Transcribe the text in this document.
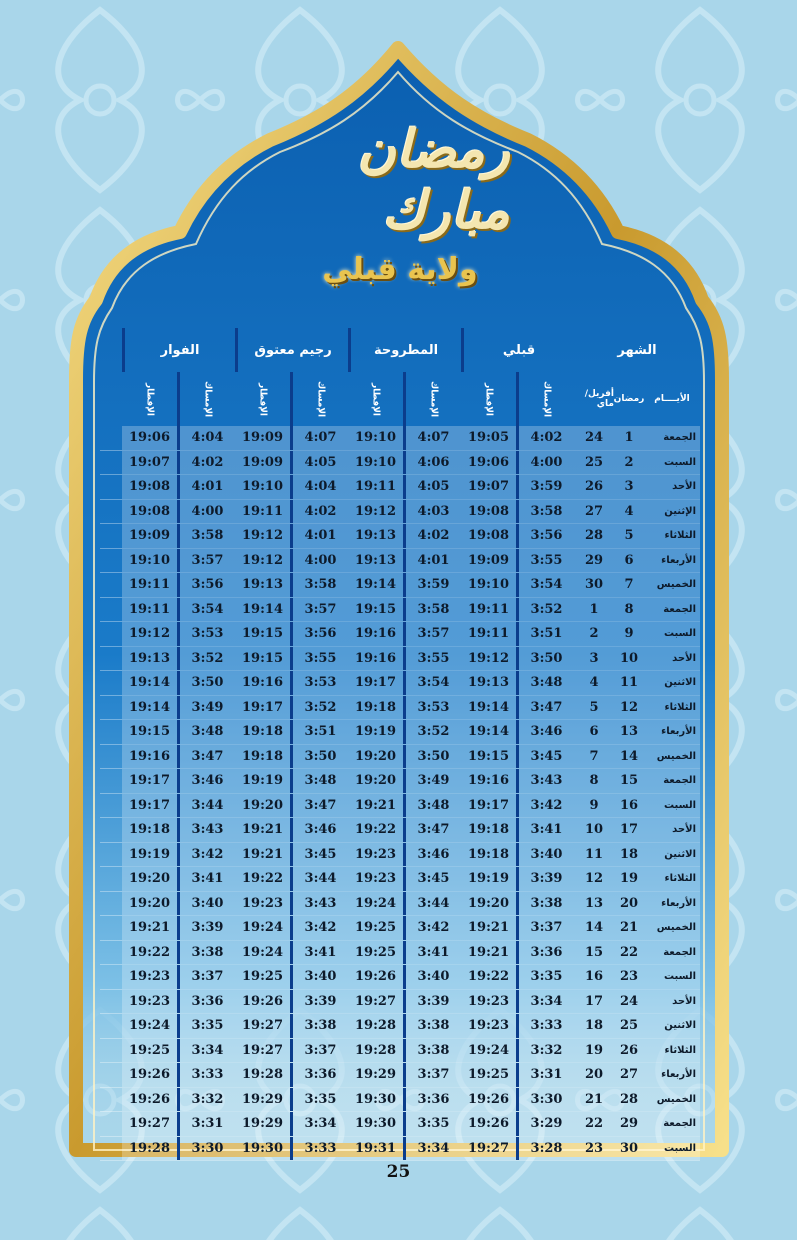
رمضان مبارك
ولاية قبلي
الشهر
قبلي
المطروحة
رجيم معتوق
الفوار
الأيــــام
رمضان
أفريل/ماي
الإمساك
الإفطار
الإمساك
الإفطار
الإمساك
الإفطار
الإمساك
الإفطار
الجمعة
1
24
4:02
19:05
4:07
19:10
4:07
19:09
4:04
19:06
السبت
2
25
4:00
19:06
4:06
19:10
4:05
19:09
4:02
19:07
الأحد
3
26
3:59
19:07
4:05
19:11
4:04
19:10
4:01
19:08
الإثنين
4
27
3:58
19:08
4:03
19:12
4:02
19:11
4:00
19:08
الثلاثاء
5
28
3:56
19:08
4:02
19:13
4:01
19:12
3:58
19:09
الأربعاء
6
29
3:55
19:09
4:01
19:13
4:00
19:12
3:57
19:10
الخميس
7
30
3:54
19:10
3:59
19:14
3:58
19:13
3:56
19:11
الجمعة
8
1
3:52
19:11
3:58
19:15
3:57
19:14
3:54
19:11
السبت
9
2
3:51
19:11
3:57
19:16
3:56
19:15
3:53
19:12
الأحد
10
3
3:50
19:12
3:55
19:16
3:55
19:15
3:52
19:13
الاثنين
11
4
3:48
19:13
3:54
19:17
3:53
19:16
3:50
19:14
الثلاثاء
12
5
3:47
19:14
3:53
19:18
3:52
19:17
3:49
19:14
الأربعاء
13
6
3:46
19:14
3:52
19:19
3:51
19:18
3:48
19:15
الخميس
14
7
3:45
19:15
3:50
19:20
3:50
19:18
3:47
19:16
الجمعة
15
8
3:43
19:16
3:49
19:20
3:48
19:19
3:46
19:17
السبت
16
9
3:42
19:17
3:48
19:21
3:47
19:20
3:44
19:17
الأحد
17
10
3:41
19:18
3:47
19:22
3:46
19:21
3:43
19:18
الاثنين
18
11
3:40
19:18
3:46
19:23
3:45
19:21
3:42
19:19
الثلاثاء
19
12
3:39
19:19
3:45
19:23
3:44
19:22
3:41
19:20
الأربعاء
20
13
3:38
19:20
3:44
19:24
3:43
19:23
3:40
19:20
الخميس
21
14
3:37
19:21
3:42
19:25
3:42
19:24
3:39
19:21
الجمعة
22
15
3:36
19:21
3:41
19:25
3:41
19:24
3:38
19:22
السبت
23
16
3:35
19:22
3:40
19:26
3:40
19:25
3:37
19:23
الأحد
24
17
3:34
19:23
3:39
19:27
3:39
19:26
3:36
19:23
الاثنين
25
18
3:33
19:23
3:38
19:28
3:38
19:27
3:35
19:24
الثلاثاء
26
19
3:32
19:24
3:38
19:28
3:37
19:27
3:34
19:25
الأربعاء
27
20
3:31
19:25
3:37
19:29
3:36
19:28
3:33
19:26
الخميس
28
21
3:30
19:26
3:36
19:30
3:35
19:29
3:32
19:26
الجمعة
29
22
3:29
19:26
3:35
19:30
3:34
19:29
3:31
19:27
السبت
30
23
3:28
19:27
3:34
19:31
3:33
19:30
3:30
19:28
25
